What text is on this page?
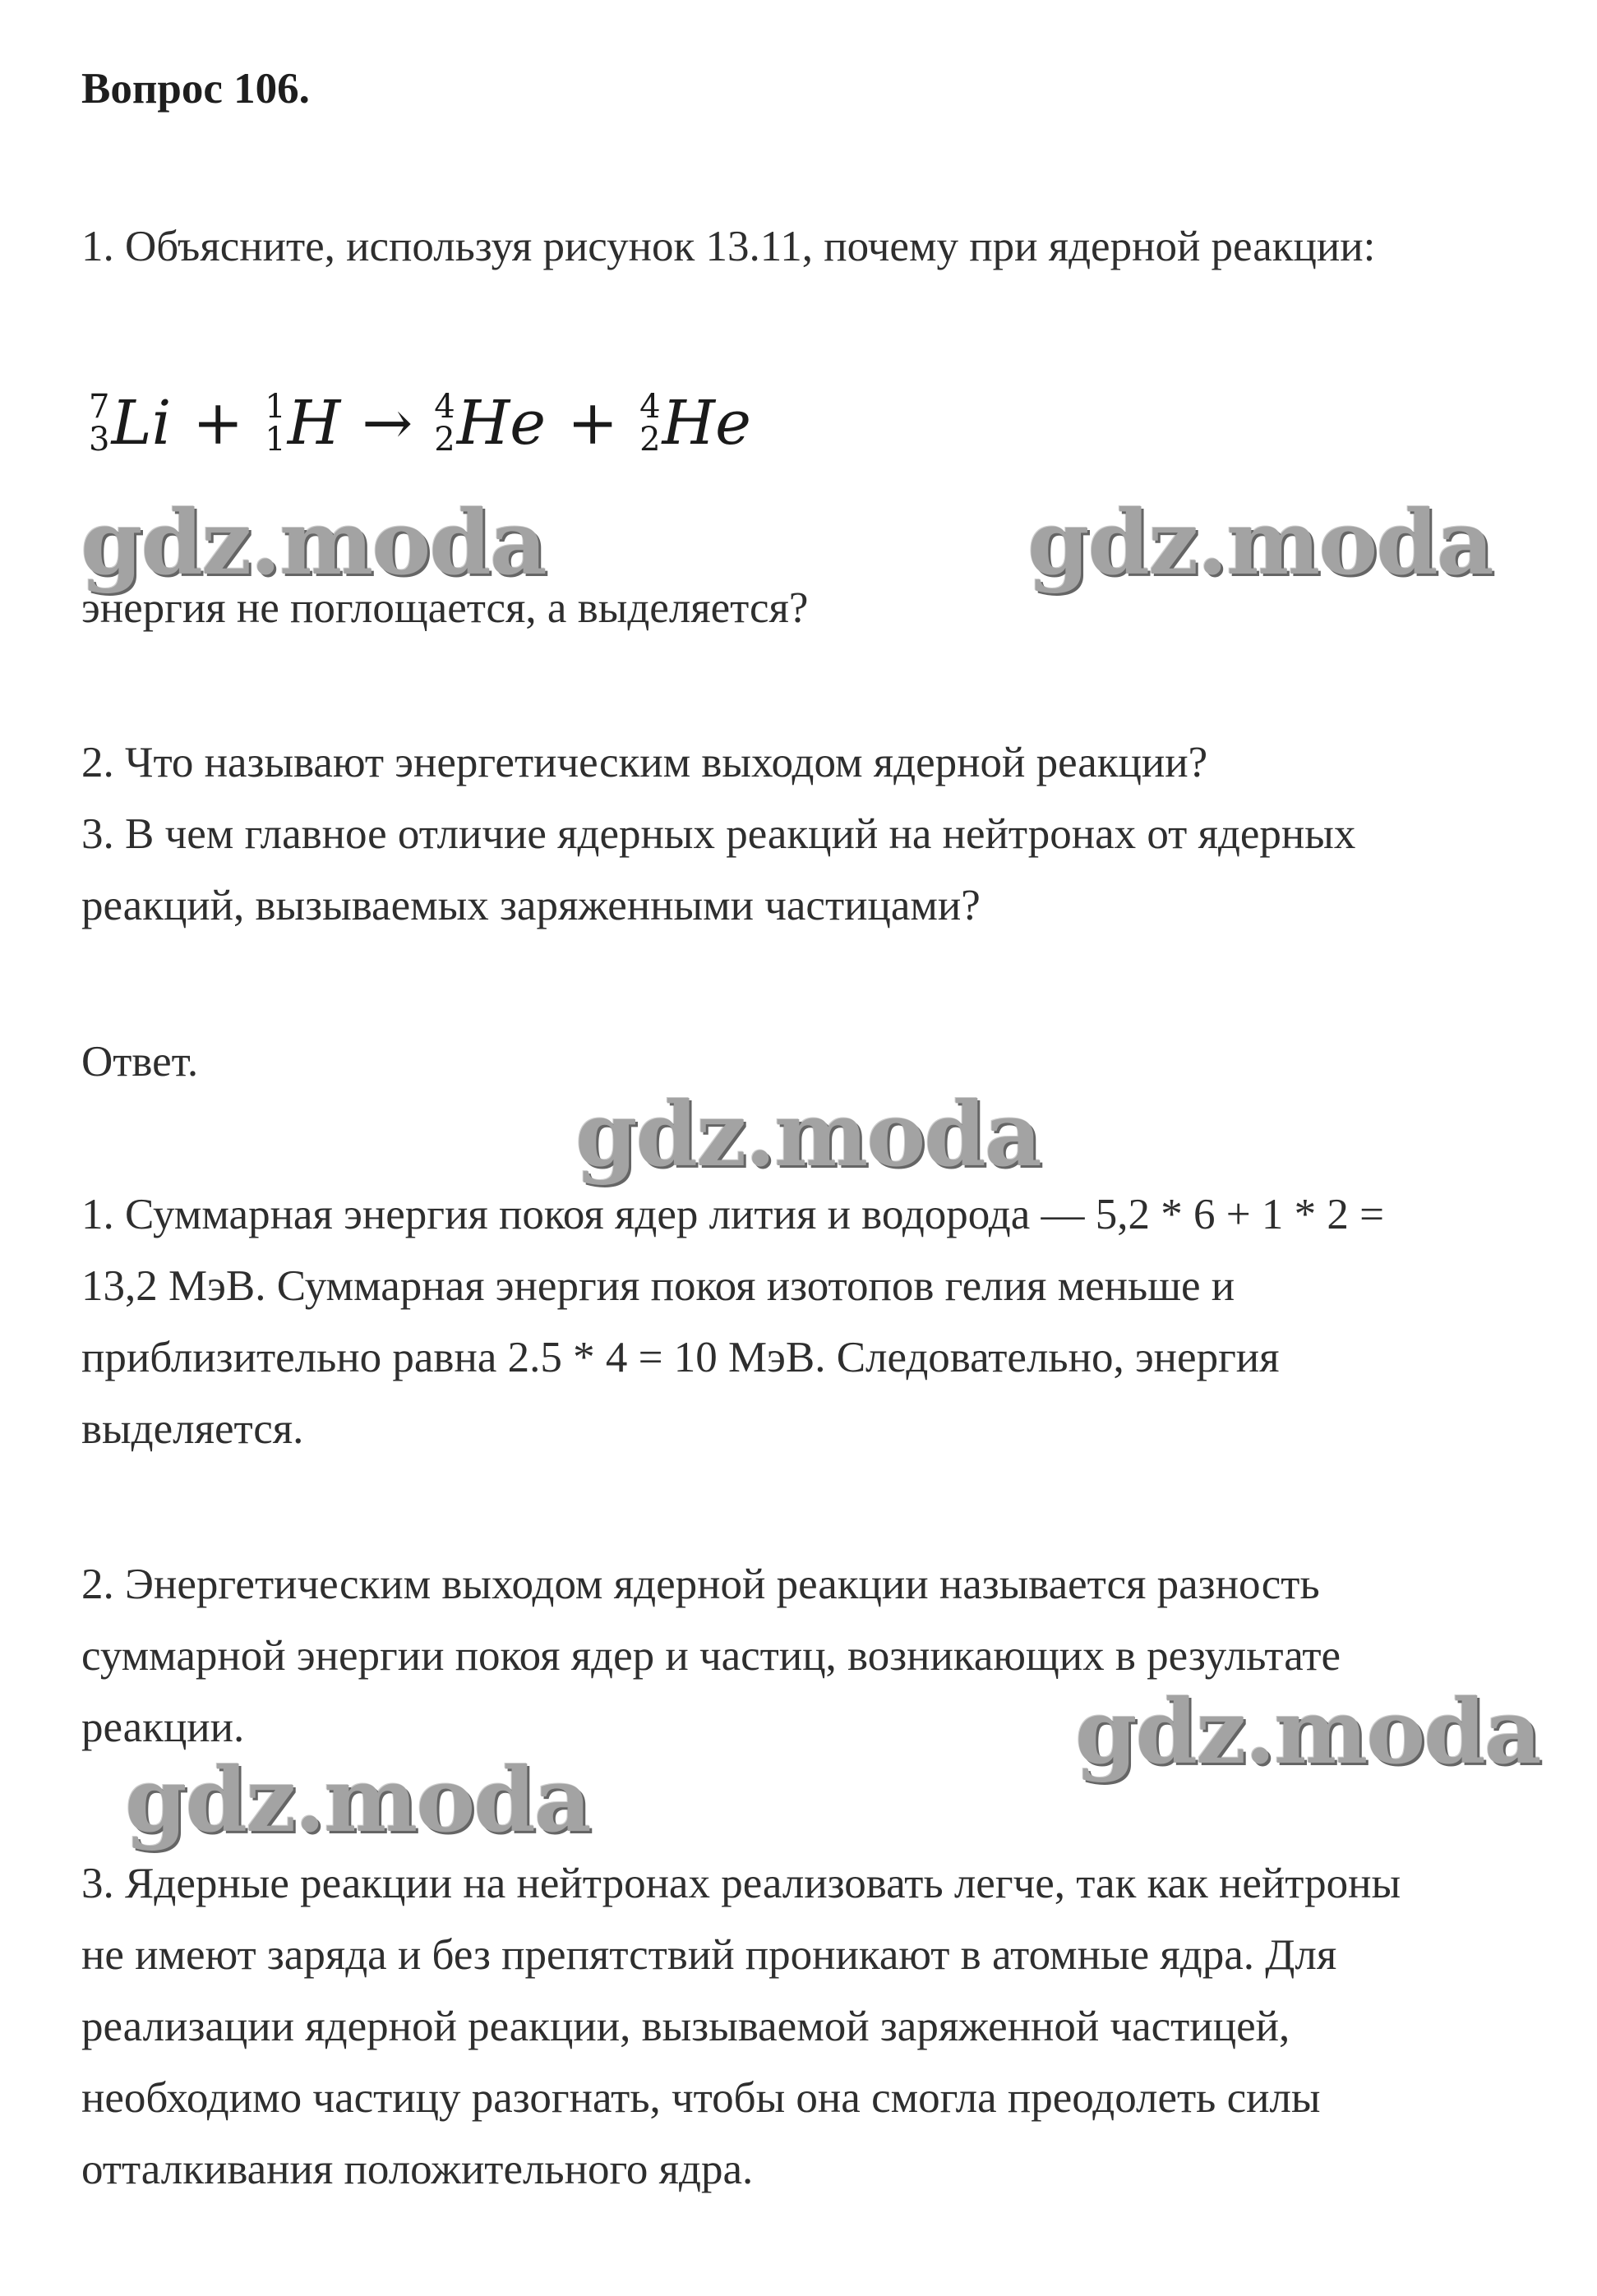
Вопрос 106.
1. Объясните, используя рисунок 13.11, почему при ядерной реакции:
7
3 Li + 1
1 H → 4
2 He + 4
2 He
gdz.moda	gdz.moda
энергия не поглощается, а выделяется?
2. Что называют энергетическим выходом ядерной реакции?
3. В чем главное отличие ядерных реакций на нейтронах от ядерных
реакций, вызываемых заряженными частицами?
Ответ.
gdz.moda
1. Суммарная энергия покоя ядер лития и водорода — 5,2 * 6 + 1 * 2 =
13,2 МэВ. Суммарная энергия покоя изотопов гелия меньше и
приблизительно равна 2.5 * 4 = 10 МэВ. Следовательно, энергия
выделяется.
2. Энергетическим выходом ядерной реакции называется разность
суммарной энергии покоя ядер и частиц, возникающих в результате
реакции.	gdz.moda
gdz.moda
3. Ядерные реакции на нейтронах реализовать легче, так как нейтроны
не имеют заряда и без препятствий проникают в атомные ядра. Для
реализации ядерной реакции, вызываемой заряженной частицей,
необходимо частицу разогнать, чтобы она смогла преодолеть силы
отталкивания положительного ядра.
